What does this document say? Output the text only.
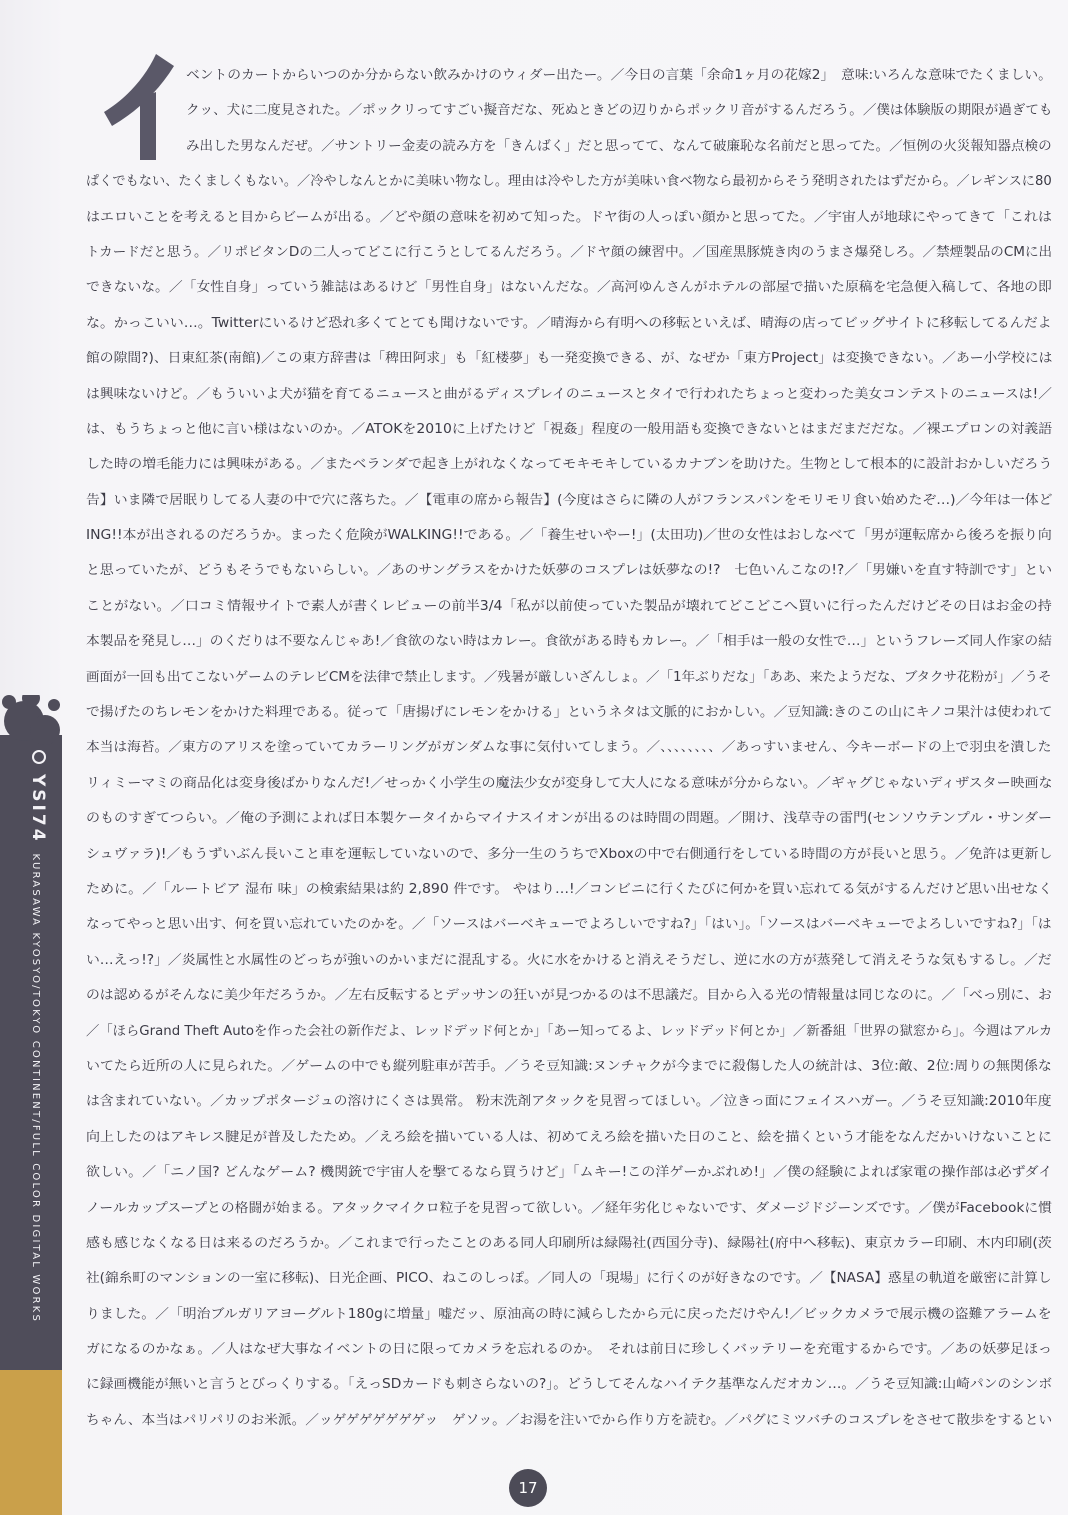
YSI74KURASAWA KYOSYO/TOKYO CONTINENT/FULL COLOR DIGITAL WORKS
ベントのカートからいつのか分からない飲みかけのウィダー出たー。／今日の言葉「余命1ヶ月の花嫁2」　意味:いろんな意味でたくましい。
クッ、犬に二度見された。／ポックリってすごい擬音だな、死ぬときどの辺りからポックリ音がするんだろう。／僕は体験版の期限が過ぎても
み出した男なんだぜ。／サントリー金麦の読み方を「きんばく」だと思ってて、なんて破廉恥な名前だと思ってた。／恒例の火災報知器点検の
ぱくでもない、たくましくもない。／冷やしなんとかに美味い物なし。理由は冷やした方が美味い食べ物なら最初からそう発明されたはずだから。／レギンスに80
はエロいことを考えると目からビームが出る。／どや顔の意味を初めて知った。ドヤ街の人っぽい顔かと思ってた。／宇宙人が地球にやってきて「これは
トカードだと思う。／リポビタンDの二人ってどこに行こうとしてるんだろう。／ドヤ顔の練習中。／国産黒豚焼き肉のうまさ爆発しろ。／禁煙製品のCMに出
できないな。／「女性自身」っていう雑誌はあるけど「男性自身」はないんだな。／高河ゆんさんがホテルの部屋で描いた原稿を宅急便入稿して、各地の即
な。かっこいい…。Twitterにいるけど恐れ多くてとても聞けないです。／晴海から有明への移転といえば、晴海の店ってビッグサイトに移転してるんだよ
館の隙間?)、日東紅茶(南館)／この東方辞書は「稗田阿求」も「紅楼夢」も一発変換できる、が、なぜか「東方Project」は変換できない。／あー小学校には
は興味ないけど。／もういいよ犬が猫を育てるニュースと曲がるディスプレイのニュースとタイで行われたちょっと変わった美女コンテストのニュースは!／
は、もうちょっと他に言い様はないのか。／ATOKを2010に上げたけど「視姦」程度の一般用語も変換できないとはまだまだだな。／裸エプロンの対義語
した時の増毛能力には興味がある。／またベランダで起き上がれなくなってモキモキしているカナブンを助けた。生物として根本的に設計おかしいだろう
告】いま隣で居眠りしてる人妻の中で穴に落ちた。／【電車の席から報告】(今度はさらに隣の人がフランスパンをモリモリ食い始めたぞ…)／今年は一体ど
ING!!本が出されるのだろうか。まったく危険がWALKING!!である。／「養生せいやー!」(太田功)／世の女性はおしなべて「男が運転席から後ろを振り向
と思っていたが、どうもそうでもないらしい。／あのサングラスをかけた妖夢のコスプレは妖夢なの!?　七色いんこなの!?／「男嫌いを直す特訓です」とい
ことがない。／口コミ情報サイトで素人が書くレビューの前半3/4「私が以前使っていた製品が壊れてどこどこへ買いに行ったんだけどその日はお金の持
本製品を発見し…」のくだりは不要なんじゃあ!／食欲のない時はカレー。食欲がある時もカレー。／「相手は一般の女性で…」というフレーズ同人作家の結
画面が一回も出てこないゲームのテレビCMを法律で禁止します。／残暑が厳しいざんしょ。／「1年ぶりだな」「ああ、来たようだな、ブタクサ花粉が」／うそ
で揚げたのちレモンをかけた料理である。従って「唐揚げにレモンをかける」というネタは文脈的におかしい。／豆知識:きのこの山にキノコ果汁は使われて
本当は海苔。／東方のアリスを塗っていてカラーリングがガンダムな事に気付いてしまう。／、、、、、、、、／あっすいません、今キーボードの上で羽虫を潰した
リィミーマミの商品化は変身後ばかりなんだ!／せっかく小学生の魔法少女が変身して大人になる意味が分からない。／ギャグじゃないディザスター映画な
のものすぎてつらい。／俺の予測によれば日本製ケータイからマイナスイオンが出るのは時間の問題。／開け、浅草寺の雷門(センソウテンプル・サンダー
シュヴァラ)!／もうずいぶん長いこと車を運転していないので、多分一生のうちでXboxの中で右側通行をしている時間の方が長いと思う。／免許は更新し
ために。／「ルートビア 湿布 味」の検索結果は約 2,890 件です。 やはり…!／コンビニに行くたびに何かを買い忘れてる気がするんだけど思い出せなく
なってやっと思い出す、何を買い忘れていたのかを。／「ソースはバーベキューでよろしいですね?」「はい」。「ソースはバーベキューでよろしいですね?」「は
い…えっ!?」／炎属性と水属性のどっちが強いのかいまだに混乱する。火に水をかけると消えそうだし、逆に水の方が蒸発して消えそうな気もするし。／だ
のは認めるがそんなに美少年だろうか。／左右反転するとデッサンの狂いが見つかるのは不思議だ。目から入る光の情報量は同じなのに。／「べっ別に、お
／「ほらGrand Theft Autoを作った会社の新作だよ、レッドデッド何とか」「あー知ってるよ、レッドデッド何とか」／新番組「世界の獄窓から」。今週はアルカ
いてたら近所の人に見られた。／ゲームの中でも縦列駐車が苦手。／うそ豆知識:ヌンチャクが今までに殺傷した人の統計は、3位:敵、2位:周りの無関係な
は含まれていない。／カップポタージュの溶けにくさは異常。 粉末洗剤アタックを見習ってほしい。／泣きっ面にフェイスハガー。／うそ豆知識:2010年度
向上したのはアキレス腱足が普及したため。／えろ絵を描いている人は、初めてえろ絵を描いた日のこと、絵を描くという才能をなんだかいけないことに
欲しい。／「ニノ国? どんなゲーム? 機関銃で宇宙人を撃てるなら買うけど」「ムキー!この洋ゲーかぶれめ!」／僕の経験によれば家電の操作部は必ずダイ
ノールカップスープとの格闘が始まる。アタックマイクロ粒子を見習って欲しい。／経年劣化じゃないです、ダメージドジーンズです。／僕がFacebookに慣
感も感じなくなる日は来るのだろうか。／これまで行ったことのある同人印刷所は緑陽社(西国分寺)、緑陽社(府中へ移転)、東京カラー印刷、木内印刷(茨
社(錦糸町のマンションの一室に移転)、日光企画、PICO、ねこのしっぽ。／同人の「現場」に行くのが好きなのです。／【NASA】惑星の軌道を厳密に計算し
りました。／「明治ブルガリアヨーグルト180gに増量」嘘だッ、原油高の時に減らしたから元に戻っただけやん!／ビックカメラで展示機の盗難アラームを
ガになるのかなぁ。／人はなぜ大事なイベントの日に限ってカメラを忘れるのか。　それは前日に珍しくバッテリーを充電するからです。／あの妖夢足ほっ
に録画機能が無いと言うとびっくりする。「えっSDカードも刺さらないの?」。どうしてそんなハイテク基準なんだオカン…。／うそ豆知識:山崎パンのシンボ
ちゃん、本当はパリパリのお米派。／ッゲゲゲゲゲゲゲッ　ゲソッ。／お湯を注いでから作り方を読む。／パグにミツバチのコスプレをさせて散歩をするとい
17
